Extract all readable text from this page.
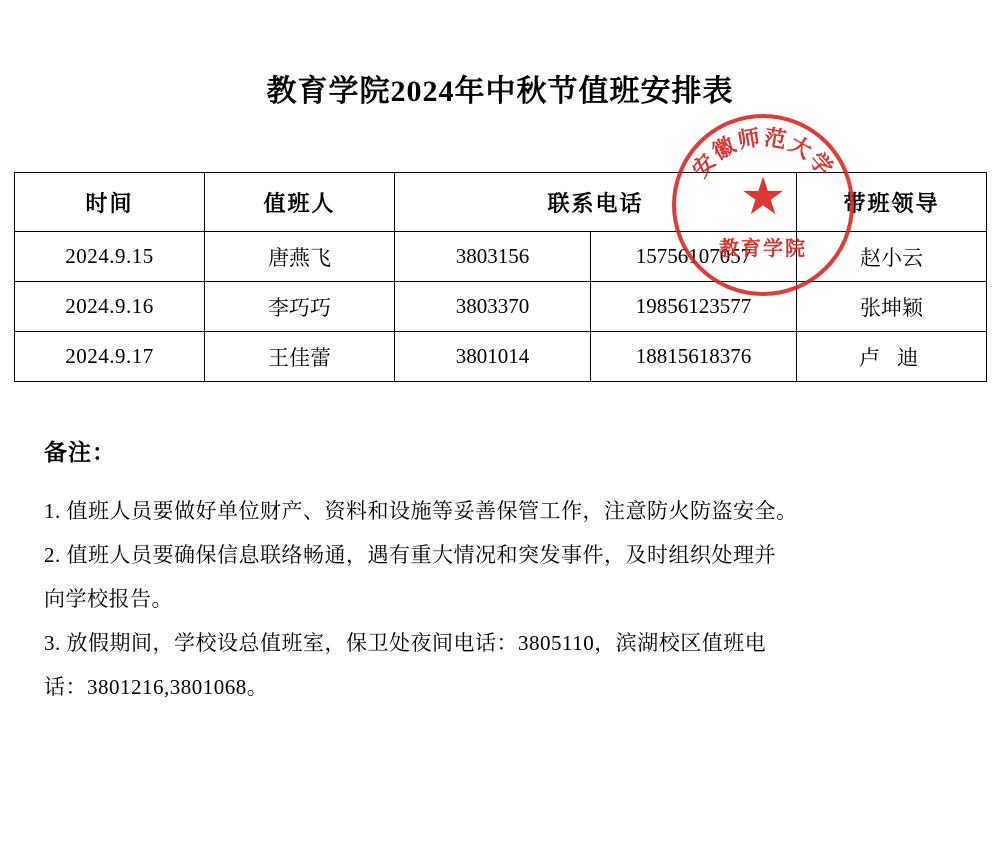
教育学院2024年中秋节值班安排表
安徽师范大学
★
教育学院
时间	值班人	联系电话		带班领导
2024.9.15	唐燕飞	3803156	15756107057	赵小云
2024.9.16	李巧巧	3803370	19856123577	张坤颖
2024.9.17	王佳蕾	3801014	18815618376	卢 迪
备注：
1. 值班人员要做好单位财产、资料和设施等妥善保管工作，注意防火防盗安全。
2. 值班人员要确保信息联络畅通，遇有重大情况和突发事件，及时组织处理并
向学校报告。
3. 放假期间，学校设总值班室，保卫处夜间电话：3805110，滨湖校区值班电
话：3801216,3801068。
